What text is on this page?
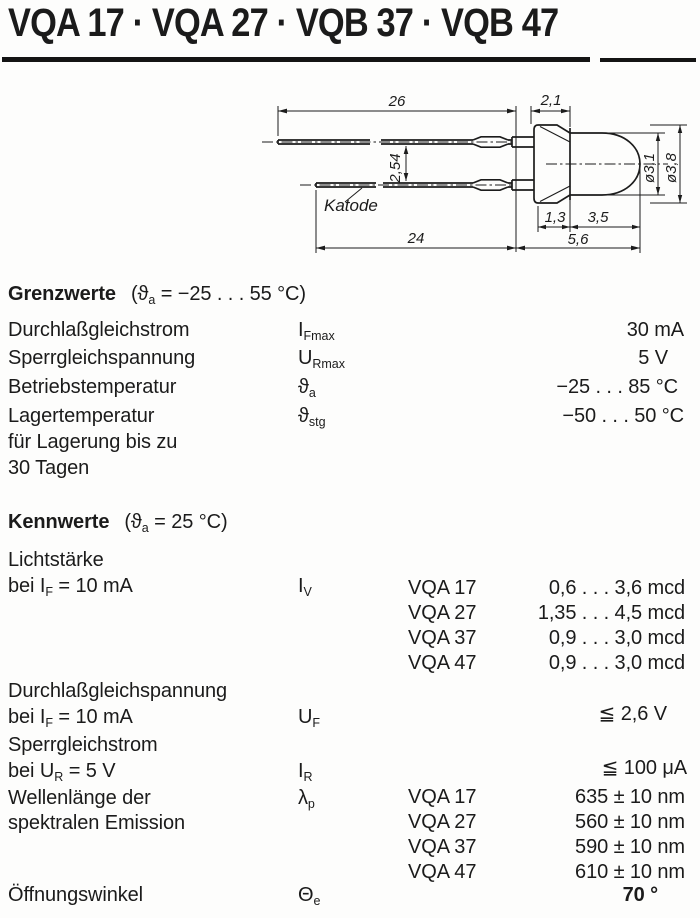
VQA 17 · VQA 27 · VQB 37 · VQB 47
26	2,1
2,54
24
1,3 3,5
5,6
ø3,1 ø3,8
Katode
Grenzwerte ($ϑ_a = -25$ . . . 55 °C)
Durchlaßgleichstrom	$I_{Fmax}$	30 mA
Sperrgleichspannung	$U_{Rmax}$	5 V
Betriebstemperatur	$ϑ_a$	−25 . . . 85 °C
Lagertemperatur	$ϑ_{stg}$	−50 . . . 50 °C
für Lagerung bis zu
30 Tagen
Kennwerte ($ϑ_a = 25$ °C)
Lichtstärke
bei $I_F = 10$ mA	$I_V$	VQA 17	0,6 . . . 3,6 mcd
VQA 27	1,35 . . . 4,5 mcd
VQA 37	0,9 . . . 3,0 mcd
VQA 47	0,9 . . . 3,0 mcd
Durchlaßgleichspannung
bei $I_F = 10$ mA	$U_F$	≦ 2,6 V
Sperrgleichstrom
bei $U_R = 5$ V	$I_R$	≦ 100 μA
Wellenlänge der
spektralen Emission
$\lambda_p$	VQA 17	635 ± 10 nm
VQA 27	560 ± 10 nm
VQA 37	590 ± 10 nm
VQA 47	610 ± 10 nm
Öffnungswinkel	$\Theta_e$	70 °
